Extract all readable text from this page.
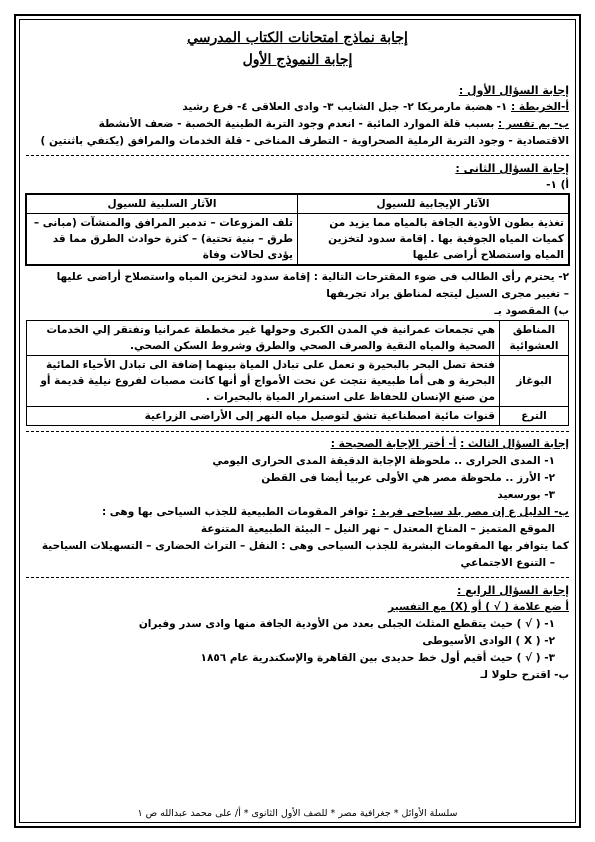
إجابة نماذج امتحانات الكتاب المدرسي
إجابة النموذج الأول
إجابة السؤال الأول :
أ-الخريطة : ١- هضبة مارمريكا ٢- جبل الشايب ٣- وادى العلاقى ٤- فرع رشيد
ب- بم تفسر : بسبب قلة الموارد المائية - انعدم وجود التربة الطينية الخصبة - ضعف الأنشطة
الاقتصادية - وجود التربة الرملية الصحراوية - التطرف المناخى - قلة الخدمات والمرافق (يكتفي باثنتين )
إجابة السؤال الثانى :
أ) ١-
الآثار الإيجابية للسيول	الآثار السلبية للسيول
تغذية بطون الأودية الجافة بالمياه مما يزيد من كميات المياه الجوفية بها . إقامة سدود لتخزين المياه واستصلاح أراضى عليها	تلف المزوعات – تدمير المرافق والمنشآت (مبانى – طرق – بنية تحتية) – كثرة حوادث الطرق مما قد يؤدى لحالات وفاة
٢- يحترم رأى الطالب فى ضوء المقترحات التالية : إقامة سدود لتخزين المياه واستصلاح أراضى عليها
– تغيير مجرى السيل ليتجه لمناطق يراد تجريفها
ب) المقصود بـ
المناطق العشوائية	هي تجمعات عمرانية في المدن الكبرى وحولها غير مخططة عمرانيا وتفتقر إلي الخدمات الصحية والمياه النقية والصرف الصحي والطرق وشروط السكن الصحي.
البوغاز	فتحة تصل البحر بالبحيرة و تعمل على تبادل المياة بينهما إضافة الى تبادل الأحياء المائية البحرية و هى أما طبيعية نتجت عن نحت الأمواج أو أنها كانت مصبات لفروع نيلية قديمة أو من صنع الإنسان للحفاظ على استمرار المياة بالبحيرات .
الترع	قنوات مائية اصطناعية تشق لتوصيل مياه النهر إلى الأراضى الزراعية
إجابة السؤال الثالث : أ- أختر الإجابة الصحيحة :
١- المدى الحرارى .. ملحوظة الإجابة الدقيقة المدى الحرارى اليومي
٢- الأرز .. ملحوظة مصر هي الأولى عربيا أيضا فى القطن
٣- بورسعيد
ب- الدليل ع إن مصر بلد سياحى فريد : توافر المقومات الطبيعية للجذب السياحى بها وهى :
الموقع المتميز – المناخ المعتدل – نهر النيل – البيئة الطبيعية المتنوعة
كما يتوافر بها المقومات البشرية للجذب السياحى وهى : النقل – التراث الحضارى – التسهيلات السياحية
– التنوع الاجتماعي
إجابة السؤال الرابع :
أ ضع علامة ( √ ) أو (X) مع التفسير
١- ( √ ) حيث يتقطع المثلث الجبلى بعدد من الأودية الجافة منها وادى سدر وفيران
٢- ( X ) الوادى الأسيوطى
٣- ( √ ) حيث أقيم أول خط حديدى بين القاهرة والإسكندرية عام ١٨٥٦
ب- اقترح حلولا لـ
سلسلة الأوائل * جغرافية مصر * للصف الأول الثانوى * أ/ على محمد عبدالله ص ١
